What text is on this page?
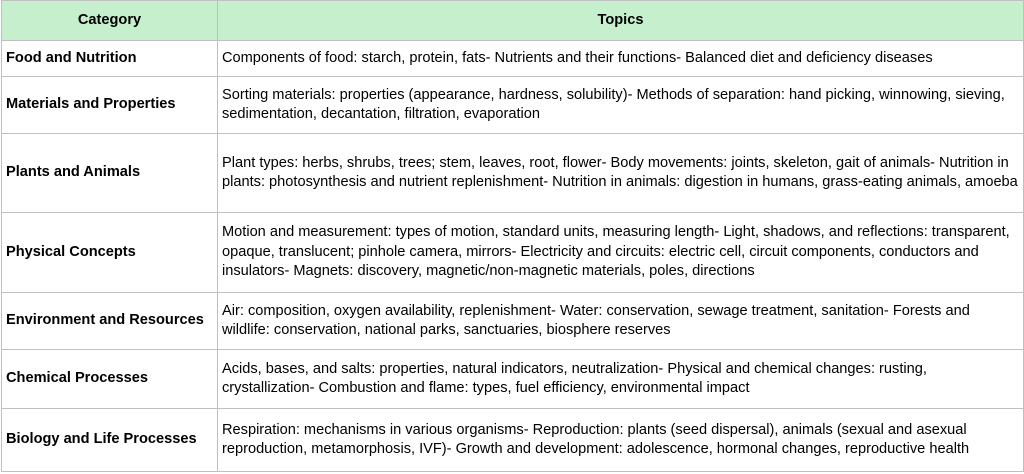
Category	Topics
Food and Nutrition	Components of food: starch, protein, fats- Nutrients and their functions- Balanced diet and deficiency diseases
Materials and Properties	Sorting materials: properties (appearance, hardness, solubility)- Methods of separation: hand picking, winnowing, sieving, sedimentation, decantation, filtration, evaporation
Plants and Animals	Plant types: herbs, shrubs, trees; stem, leaves, root, flower- Body movements: joints, skeleton, gait of animals- Nutrition in plants: photosynthesis and nutrient replenishment- Nutrition in animals: digestion in humans, grass-eating animals, amoeba
Physical Concepts	Motion and measurement: types of motion, standard units, measuring length- Light, shadows, and reflections: transparent, opaque, translucent; pinhole camera, mirrors- Electricity and circuits: electric cell, circuit components, conductors and insulators- Magnets: discovery, magnetic/non-magnetic materials, poles, directions
Environment and Resources	Air: composition, oxygen availability, replenishment- Water: conservation, sewage treatment, sanitation- Forests and wildlife: conservation, national parks, sanctuaries, biosphere reserves
Chemical Processes	Acids, bases, and salts: properties, natural indicators, neutralization- Physical and chemical changes: rusting, crystallization- Combustion and flame: types, fuel efficiency, environmental impact
Biology and Life Processes	Respiration: mechanisms in various organisms- Reproduction: plants (seed dispersal), animals (sexual and asexual reproduction, metamorphosis, IVF)- Growth and development: adolescence, hormonal changes, reproductive health
